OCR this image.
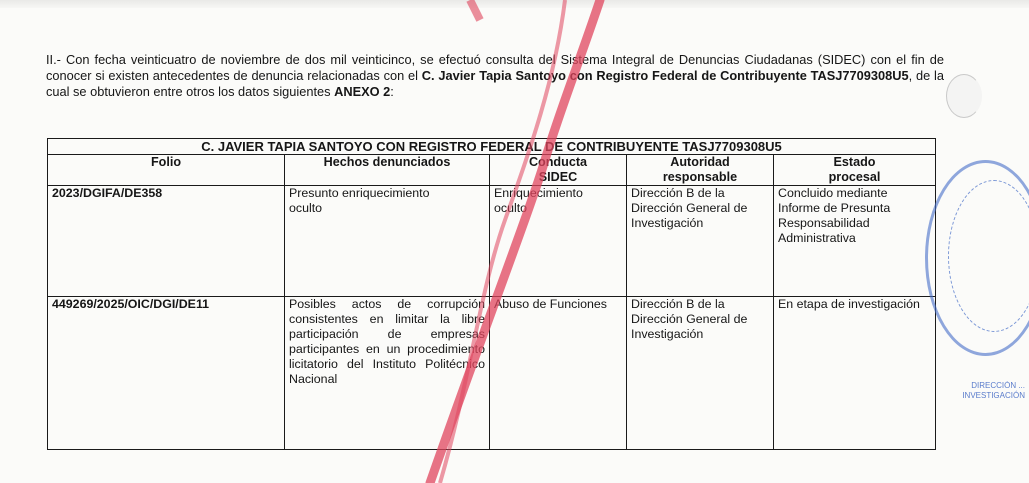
II.- Con fecha veinticuatro de noviembre de dos mil veinticinco, se efectuó consulta del Sistema Integral de Denuncias Ciudadanas (SIDEC) con el fin de conocer si existen antecedentes de denuncia relacionadas con el C. Javier Tapia Santoyo con Registro Federal de Contribuyente TASJ7709308U5, de la cual se obtuvieron entre otros los datos siguientes ANEXO 2:

C. JAVIER TAPIA SANTOYO CON REGISTRO FEDERAL DE CONTRIBUYENTE TASJ7709308U5				
Folio	Hechos denunciados	Conducta SIDEC	Autoridad responsable	Estado procesal
2023/DGIFA/DE358	Presunto enriquecimiento oculto	Enriquecimiento oculto	Dirección B de la Dirección General de Investigación	Concluido mediante Informe de Presunta Responsabilidad Administrativa
449269/2025/OIC/DGI/DE11	Posibles actos de corrupción consistentes en limitar la libre participación de empresas participantes en un procedimiento licitatorio del Instituto Politécnico Nacional	Abuso de Funciones	Dirección B de la Dirección General de Investigación	En etapa de investigación
DIRECCIÓN ... INVESTIGACIÓN
